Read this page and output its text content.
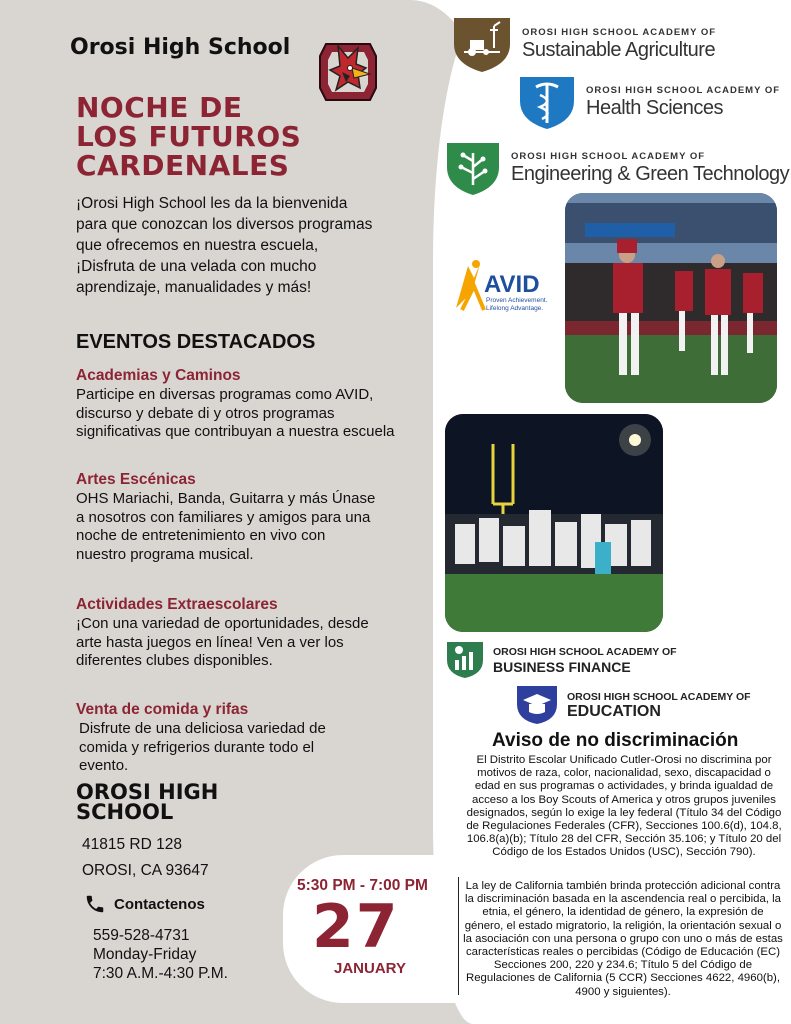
Orosi High School
NOCHE DE
LOS FUTUROS
CARDENALES
¡Orosi High School les da la bienvenida para que conozcan los diversos programas que ofrecemos en nuestra escuela, ¡Disfruta de una velada con mucho aprendizaje, manualidades y más!
EVENTOS DESTACADOS
Academias y Caminos
Participe en diversas programas como AVID, discurso y debate di y otros programas significativas que contribuyan a nuestra escuela
Artes Escénicas
OHS Mariachi, Banda, Guitarra y más Únase a nosotros con familiares y amigos para una noche de entretenimiento en vivo con nuestro programa musical.
Actividades Extraescolares
¡Con una variedad de oportunidades, desde arte hasta juegos en línea! Ven a ver los diferentes clubes disponibles.
Venta de comida y rifas
Disfrute de una deliciosa variedad de comida y refrigerios durante todo el evento.
OROSI HIGH
SCHOOL
41815 RD 128
OROSI, CA 93647
Contactenos
559-528-4731
Monday-Friday
7:30 A.M.-4:30 P.M.
5:30 PM - 7:00 PM
27
JANUARY
OROSI HIGH SCHOOL ACADEMY OF
Sustainable Agriculture
OROSI HIGH SCHOOL ACADEMY OF
Health Sciences
OROSI HIGH SCHOOL ACADEMY OF
Engineering & Green Technology
AVID
Proven Achievement.
Lifelong Advantage.
OROSI HIGH SCHOOL ACADEMY OF
BUSINESS FINANCE
OROSI HIGH SCHOOL ACADEMY OF
EDUCATION
Aviso de no discriminación
El Distrito Escolar Unificado Cutler-Orosi no discrimina por motivos de raza, color, nacionalidad, sexo, discapacidad o edad en sus programas o actividades, y brinda igualdad de acceso a los Boy Scouts of America y otros grupos juveniles designados, según lo exige la ley federal (Título 34 del Código de Regulaciones Federales (CFR), Secciones 100.6(d), 104.8, 106.8(a)(b); Título 28 del CFR, Sección 35.106; y Título 20 del Código de los Estados Unidos (USC), Sección 790).
La ley de California también brinda protección adicional contra la discriminación basada en la ascendencia real o percibida, la etnia, el género, la identidad de género, la expresión de género, el estado migratorio, la religión, la orientación sexual o la asociación con una persona o grupo con uno o más de estas características reales o percibidas (Código de Educación (EC) Secciones 200, 220 y 234.6; Título 5 del Código de Regulaciones de California (5 CCR) Secciones 4622, 4960(b), 4900 y siguientes).
